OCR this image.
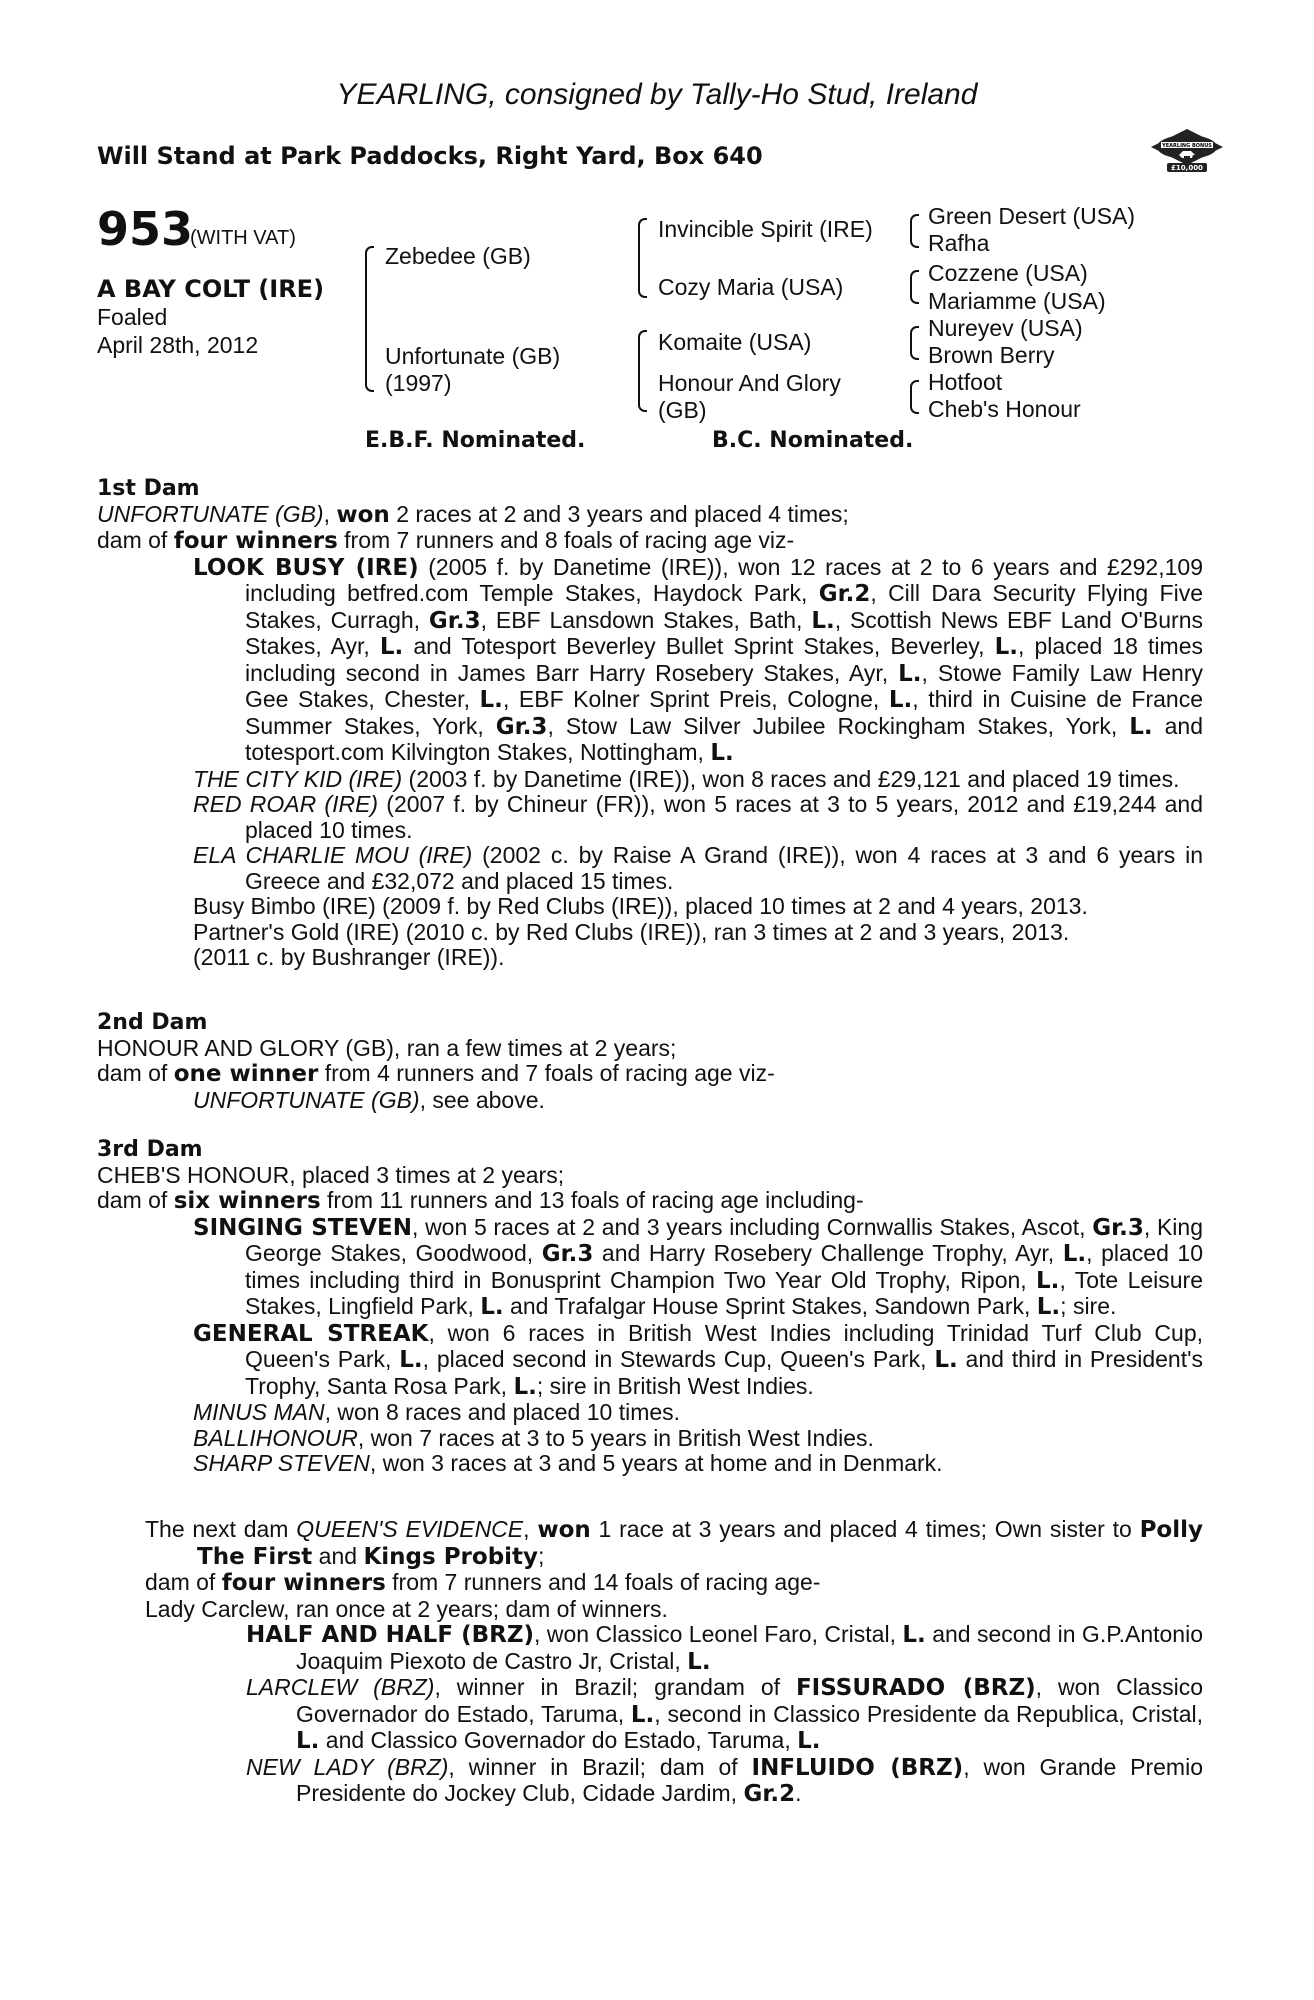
YEARLING, consigned by Tally-Ho Stud, Ireland
Will Stand at Park Paddocks, Right Yard, Box 640	YEARLING BONUS
£10,000
953
(WITH VAT)
A BAY COLT (IRE)
Foaled
April 28th, 2012
Zebedee (GB)
Unfortunate (GB)
(1997)
Invincible Spirit (IRE)
Cozy Maria (USA)
Komaite (USA)
Honour And Glory
(GB)
Green Desert (USA)
Rafha
Cozzene (USA)
Mariamme (USA)
Nureyev (USA)
Brown Berry
Hotfoot
Cheb's Honour
E.B.F. Nominated.	B.C. Nominated.
1st Dam
UNFORTUNATE (GB), won 2 races at 2 and 3 years and placed 4 times;
dam of four winners from 7 runners and 8 foals of racing age viz-
LOOK BUSY (IRE) (2005 f. by Danetime (IRE)), won 12 races at 2 to 6 years and £292,109 including betfred.com Temple Stakes, Haydock Park, Gr.2, Cill Dara Security Flying Five Stakes, Curragh, Gr.3, EBF Lansdown Stakes, Bath, L., Scottish News EBF Land O'Burns Stakes, Ayr, L. and Totesport Beverley Bullet Sprint Stakes, Beverley, L., placed 18 times including second in James Barr Harry Rosebery Stakes, Ayr, L., Stowe Family Law Henry Gee Stakes, Chester, L., EBF Kolner Sprint Preis, Cologne, L., third in Cuisine de France Summer Stakes, York, Gr.3, Stow Law Silver Jubilee Rockingham Stakes, York, L. and totesport.com Kilvington Stakes, Nottingham, L.
THE CITY KID (IRE) (2003 f. by Danetime (IRE)), won 8 races and £29,121 and placed 19 times.
RED ROAR (IRE) (2007 f. by Chineur (FR)), won 5 races at 3 to 5 years, 2012 and £19,244 and placed 10 times.
ELA CHARLIE MOU (IRE) (2002 c. by Raise A Grand (IRE)), won 4 races at 3 and 6 years in Greece and £32,072 and placed 15 times.
Busy Bimbo (IRE) (2009 f. by Red Clubs (IRE)), placed 10 times at 2 and 4 years, 2013.
Partner's Gold (IRE) (2010 c. by Red Clubs (IRE)), ran 3 times at 2 and 3 years, 2013.
(2011 c. by Bushranger (IRE)).
2nd Dam
HONOUR AND GLORY (GB), ran a few times at 2 years;
dam of one winner from 4 runners and 7 foals of racing age viz-
UNFORTUNATE (GB), see above.
3rd Dam
CHEB'S HONOUR, placed 3 times at 2 years;
dam of six winners from 11 runners and 13 foals of racing age including-
SINGING STEVEN, won 5 races at 2 and 3 years including Cornwallis Stakes, Ascot, Gr.3, King George Stakes, Goodwood, Gr.3 and Harry Rosebery Challenge Trophy, Ayr, L., placed 10 times including third in Bonusprint Champion Two Year Old Trophy, Ripon, L., Tote Leisure Stakes, Lingfield Park, L. and Trafalgar House Sprint Stakes, Sandown Park, L.; sire.
GENERAL STREAK, won 6 races in British West Indies including Trinidad Turf Club Cup, Queen's Park, L., placed second in Stewards Cup, Queen's Park, L. and third in President's Trophy, Santa Rosa Park, L.; sire in British West Indies.
MINUS MAN, won 8 races and placed 10 times.
BALLIHONOUR, won 7 races at 3 to 5 years in British West Indies.
SHARP STEVEN, won 3 races at 3 and 5 years at home and in Denmark.
The next dam QUEEN'S EVIDENCE, won 1 race at 3 years and placed 4 times; Own sister to Polly The First and Kings Probity;
dam of four winners from 7 runners and 14 foals of racing age-
Lady Carclew, ran once at 2 years; dam of winners.
HALF AND HALF (BRZ), won Classico Leonel Faro, Cristal, L. and second in G.P.Antonio Joaquim Piexoto de Castro Jr, Cristal, L.
LARCLEW (BRZ), winner in Brazil; grandam of FISSURADO (BRZ), won Classico Governador do Estado, Taruma, L., second in Classico Presidente da Republica, Cristal, L. and Classico Governador do Estado, Taruma, L.
NEW LADY (BRZ), winner in Brazil; dam of INFLUIDO (BRZ), won Grande Premio Presidente do Jockey Club, Cidade Jardim, Gr.2.
